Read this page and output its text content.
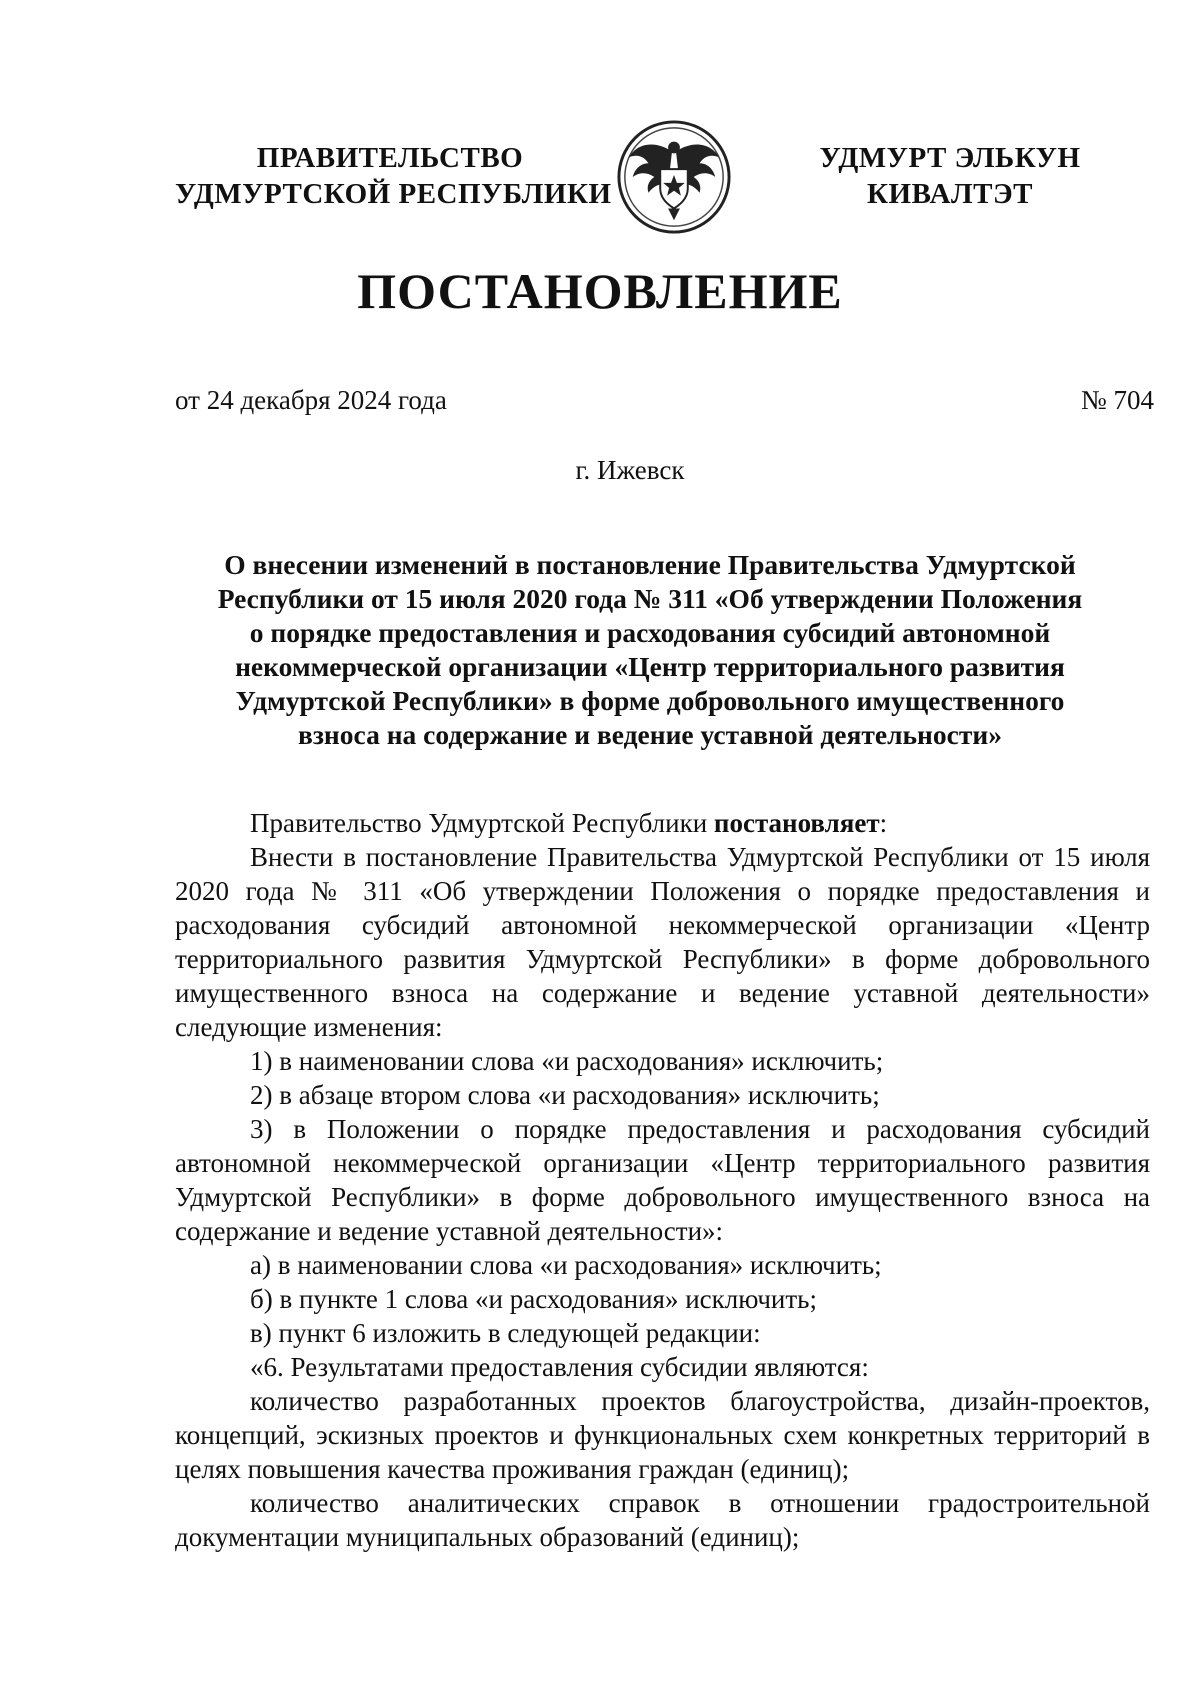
ПРАВИТЕЛЬСТВО
УДМУРТСКОЙ РЕСПУБЛИКИ
УДМУРТ ЭЛЬКУН
КИВАЛТЭТ
ПОСТАНОВЛЕНИЕ
от 24 декабря 2024 года	№ 704
г. Ижевск
О внесении изменений в постановление Правительства Удмуртской
Республики от 15 июля 2020 года № 311 «Об утверждении Положения
о порядке предоставления и расходования субсидий автономной
некоммерческой организации «Центр территориального развития
Удмуртской Республики» в форме добровольного имущественного
взноса на содержание и ведение уставной деятельности»

Правительство Удмуртской Республики постановляет:

Внести в постановление Правительства Удмуртской Республики от 15 июля 2020 года № 311 «Об утверждении Положения о порядке предоставления и расходования субсидий автономной некоммерческой организации «Центр территориального развития Удмуртской Республики» в форме добровольного имущественного взноса на содержание и ведение уставной деятельности» следующие изменения:

1) в наименовании слова «и расходования» исключить;

2) в абзаце втором слова «и расходования» исключить;

3) в Положении о порядке предоставления и расходования субсидий автономной некоммерческой организации «Центр территориального развития Удмуртской Республики» в форме добровольного имущественного взноса на содержание и ведение уставной деятельности»:

а) в наименовании слова «и расходования» исключить;

б) в пункте 1 слова «и расходования» исключить;

в) пункт 6 изложить в следующей редакции:

«6. Результатами предоставления субсидии являются:

количество разработанных проектов благоустройства, дизайн-проектов, концепций, эскизных проектов и функциональных схем конкретных территорий в целях повышения качества проживания граждан (единиц);

количество аналитических справок в отношении градостроительной документации муниципальных образований (единиц);
